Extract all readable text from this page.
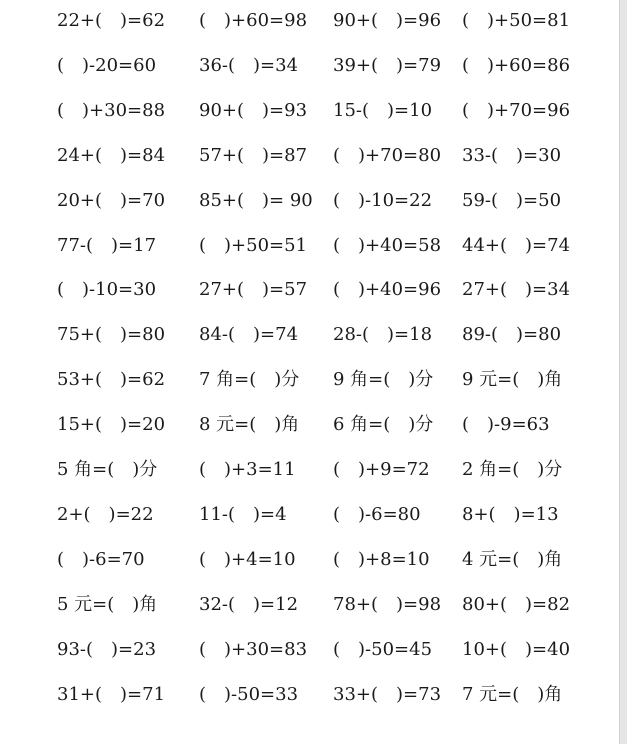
22+(　)=62 (　)+60=98 90+(　)=96 (　)+50=81
(　)-20=60 36-(　)=34 39+(　)=79 (　)+60=86
(　)+30=88 90+(　)=93 15-(　)=10 (　)+70=96
24+(　)=84 57+(　)=87 (　)+70=80 33-(　)=30
20+(　)=70 85+(　)= 90 (　)-10=22 59-(　)=50
77-(　)=17 (　)+50=51 (　)+40=58 44+(　)=74
(　)-10=30 27+(　)=57 (　)+40=96 27+(　)=34
75+(　)=80 84-(　)=74 28-(　)=18 89-(　)=80
53+(　)=62 7 角=(　)分 9 角=(　)分 9 元=(　)角
15+(　)=20 8 元=(　)角 6 角=(　)分 (　)-9=63
5 角=(　)分 (　)+3=11 (　)+9=72 2 角=(　)分
2+(　)=22	11-(　)=4	(　)-6=80 8+(　)=13
(　)-6=70	(　)+4=10 (　)+8=10 4 元=(　)角
5 元=(　)角 32-(　)=12 78+(　)=98 80+(　)=82
93-(　)=23 (　)+30=83 (　)-50=45 10+(　)=40
31+(　)=71 (　)-50=33 33+(　)=73 7 元=(　)角
